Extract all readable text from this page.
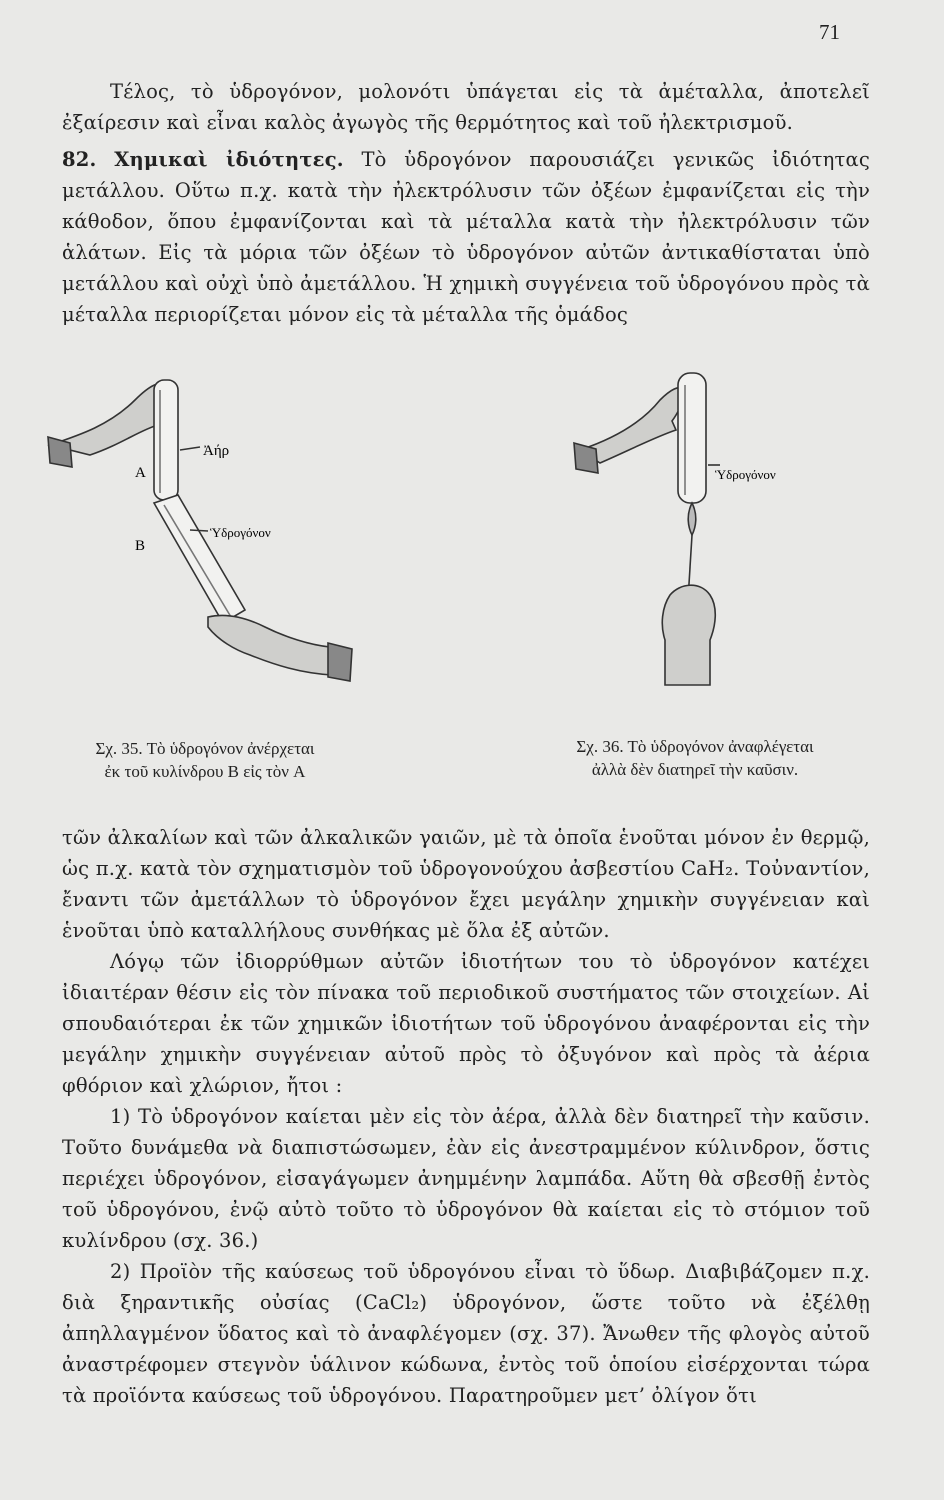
71

Τέλος, τὸ ὑδρογόνον, μολονότι ὑπάγεται εἰς τὰ ἀμέταλλα, ἀποτελεῖ ἐξαίρεσιν καὶ εἶναι καλὸς ἀγωγὸς τῆς θερμότητος καὶ τοῦ ἠλεκτρισμοῦ.

82. Χημικαὶ ἰδιότητες. Τὸ ὑδρογόνον παρουσιάζει γενικῶς ἰδιότητας μετάλλου. Οὕτω π.χ. κατὰ τὴν ἠλεκτρόλυσιν τῶν ὀξέων ἐμφανίζεται εἰς τὴν κάθοδον, ὅπου ἐμφανίζονται καὶ τὰ μέταλλα κατὰ τὴν ἠλεκτρόλυσιν τῶν ἁλάτων. Εἰς τὰ μόρια τῶν ὀξέων τὸ ὑδρογόνον αὐτῶν ἀντικαθίσταται ὑπὸ μετάλλου καὶ οὐχὶ ὑπὸ ἀμετάλλου. Ἡ χημικὴ συγγένεια τοῦ ὑδρογόνου πρὸς τὰ μέταλλα περιορίζεται μόνον εἰς τὰ μέταλλα τῆς ὁμάδος

A
B
Ἀήρ
Ὑδρογόνον
Ὑδρογόνον
Σχ. 35. Τὸ ὑδρογόνον ἀνέρχεται
ἐκ τοῦ κυλίνδρου B εἰς τὸν A
Σχ. 36. Τὸ ὑδρογόνον ἀναφλέγεται
ἀλλὰ δὲν διατηρεῖ τὴν καῦσιν.

τῶν ἀλκαλίων καὶ τῶν ἀλκαλικῶν γαιῶν, μὲ τὰ ὁποῖα ἑνοῦται μόνον ἐν θερμῷ, ὡς π.χ. κατὰ τὸν σχηματισμὸν τοῦ ὑδρογονούχου ἀσβεστίου CaH₂. Τοὐναντίον, ἔναντι τῶν ἀμετάλλων τὸ ὑδρογόνον ἔχει μεγάλην χημικὴν συγγένειαν καὶ ἑνοῦται ὑπὸ καταλλήλους συνθήκας μὲ ὅλα ἐξ αὐτῶν.

Λόγῳ τῶν ἰδιορρύθμων αὐτῶν ἰδιοτήτων του τὸ ὑδρογόνον κατέχει ἰδιαιτέραν θέσιν εἰς τὸν πίνακα τοῦ περιοδικοῦ συστήματος τῶν στοιχείων. Αἱ σπουδαιότεραι ἐκ τῶν χημικῶν ἰδιοτήτων τοῦ ὑδρογόνου ἀναφέρονται εἰς τὴν μεγάλην χημικὴν συγγένειαν αὐτοῦ πρὸς τὸ ὀξυγόνον καὶ πρὸς τὰ ἀέρια φθόριον καὶ χλώριον, ἤτοι :

1) Τὸ ὑδρογόνον καίεται μὲν εἰς τὸν ἀέρα, ἀλλὰ δὲν διατηρεῖ τὴν καῦσιν. Τοῦτο δυνάμεθα νὰ διαπιστώσωμεν, ἐὰν εἰς ἀνεστραμμένον κύλινδρον, ὅστις περιέχει ὑδρογόνον, εἰσαγάγωμεν ἀνημμένην λαμπάδα. Αὕτη θὰ σβεσθῇ ἐντὸς τοῦ ὑδρογόνου, ἐνῷ αὐτὸ τοῦτο τὸ ὑδρογόνον θὰ καίεται εἰς τὸ στόμιον τοῦ κυλίνδρου (σχ. 36.)

2) Προϊὸν τῆς καύσεως τοῦ ὑδρογόνου εἶναι τὸ ὕδωρ. Διαβιβάζομεν π.χ. διὰ ξηραντικῆς οὐσίας (CaCl₂) ὑδρογόνον, ὥστε τοῦτο νὰ ἐξέλθῃ ἀπηλλαγμένον ὕδατος καὶ τὸ ἀναφλέγομεν (σχ. 37). Ἄνωθεν τῆς φλογὸς αὐτοῦ ἀναστρέφομεν στεγνὸν ὑάλινον κώδωνα, ἐντὸς τοῦ ὁποίου εἰσέρχονται τώρα τὰ προϊόντα καύσεως τοῦ ὑδρογόνου. Παρατηροῦμεν μετ’ ὀλίγον ὅτι
